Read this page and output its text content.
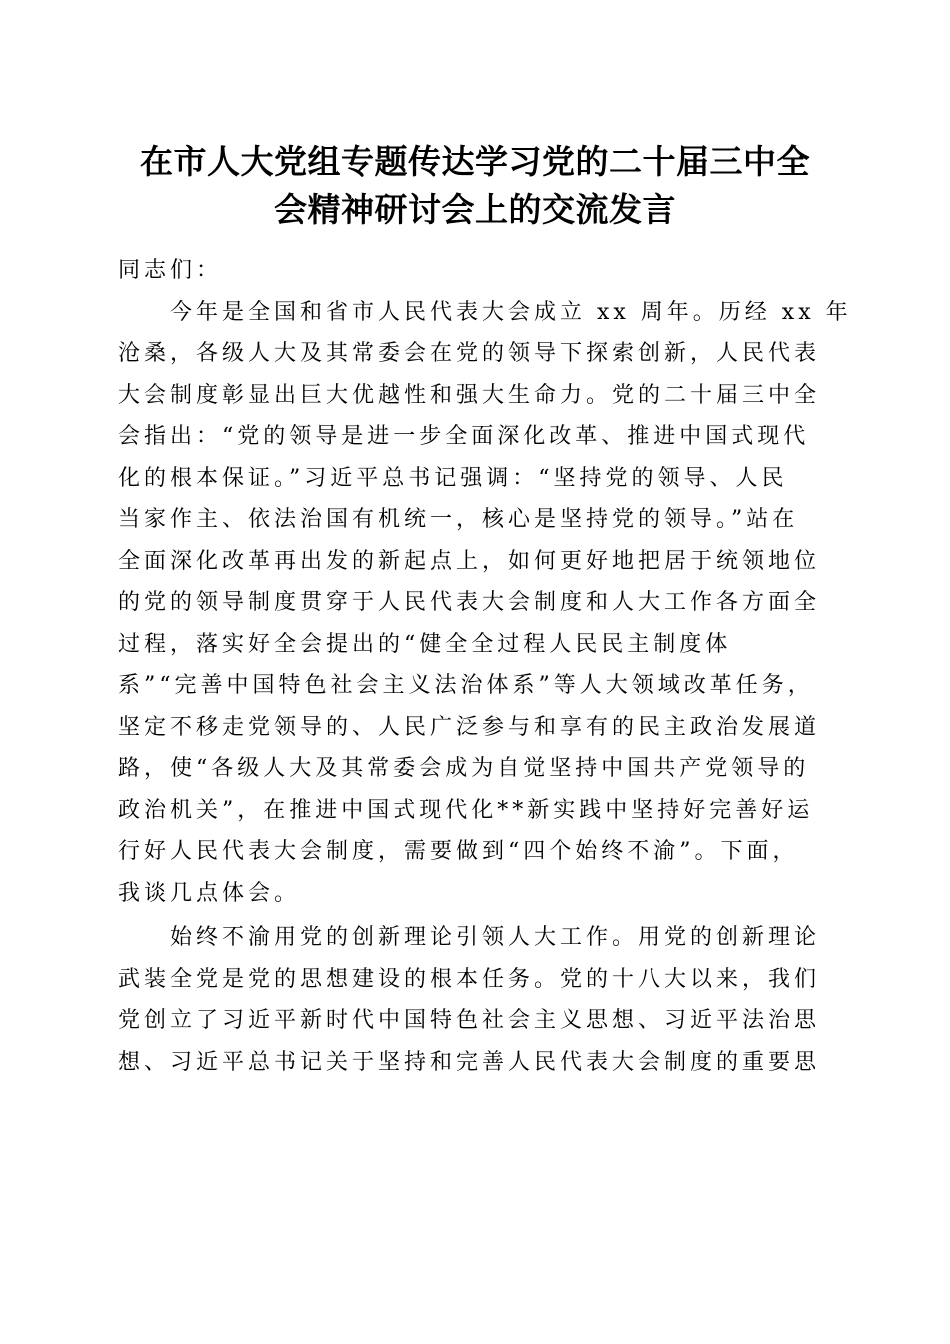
在市人大党组专题传达学习党的二十届三中全
会精神研讨会上的交流发言
同志们：
今年是全国和省市人民代表大会成立 xx 周年。历经 xx 年
沧桑，各级人大及其常委会在党的领导下探索创新，人民代表
大会制度彰显出巨大优越性和强大生命力。党的二十届三中全
会指出：“党的领导是进一步全面深化改革、推进中国式现代
化的根本保证。”习近平总书记强调：“坚持党的领导、人民
当家作主、依法治国有机统一，核心是坚持党的领导。”站在
全面深化改革再出发的新起点上，如何更好地把居于统领地位
的党的领导制度贯穿于人民代表大会制度和人大工作各方面全
过程，落实好全会提出的“健全全过程人民民主制度体
系”“完善中国特色社会主义法治体系”等人大领域改革任务，
坚定不移走党领导的、人民广泛参与和享有的民主政治发展道
路，使“各级人大及其常委会成为自觉坚持中国共产党领导的
政治机关”，在推进中国式现代化**新实践中坚持好完善好运
行好人民代表大会制度，需要做到“四个始终不渝”。下面，
我谈几点体会。
始终不渝用党的创新理论引领人大工作。用党的创新理论
武装全党是党的思想建设的根本任务。党的十八大以来，我们
党创立了习近平新时代中国特色社会主义思想、习近平法治思
想、习近平总书记关于坚持和完善人民代表大会制度的重要思
